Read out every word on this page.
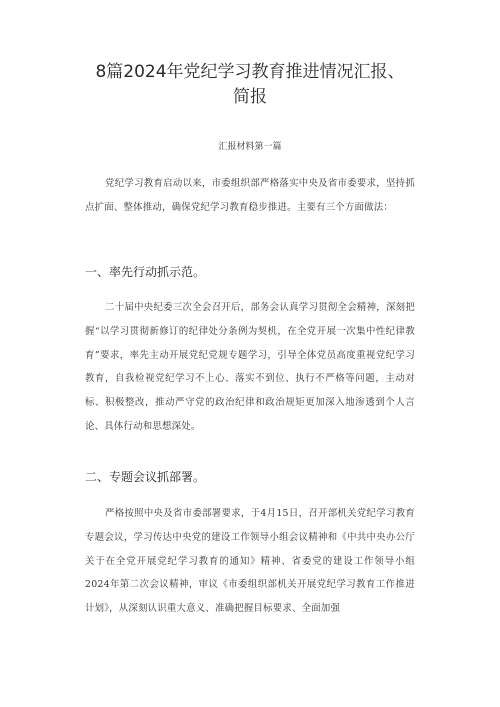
8篇2024年党纪学习教育推进情况汇报、
简报
汇报材料第一篇
党纪学习教育启动以来，市委组织部严格落实中央及省市委要求，坚持抓点扩面、整体推动，确保党纪学习教育稳步推进。主要有三个方面做法：
一、率先行动抓示范。
二十届中央纪委三次全会召开后，部务会认真学习贯彻全会精神，深刻把握“以学习贯彻新修订的纪律处分条例为契机，在全党开展一次集中性纪律教育”要求，率先主动开展党纪党规专题学习，引导全体党员高度重视党纪学习教育，自我检视党纪学习不上心、落实不到位、执行不严格等问题，主动对标、积极整改，推动严守党的政治纪律和政治规矩更加深入地渗透到个人言论、具体行动和思想深处。
二、专题会议抓部署。
严格按照中央及省市委部署要求，于4月15日，召开部机关党纪学习教育专题会议，学习传达中央党的建设工作领导小组会议精神和《中共中央办公厅关于在全党开展党纪学习教育的通知》精神、省委党的建设工作领导小组2024年第二次会议精神，审议《市委组织部机关开展党纪学习教育工作推进计划》，从深刻认识重大意义、准确把握目标要求、全面加强
